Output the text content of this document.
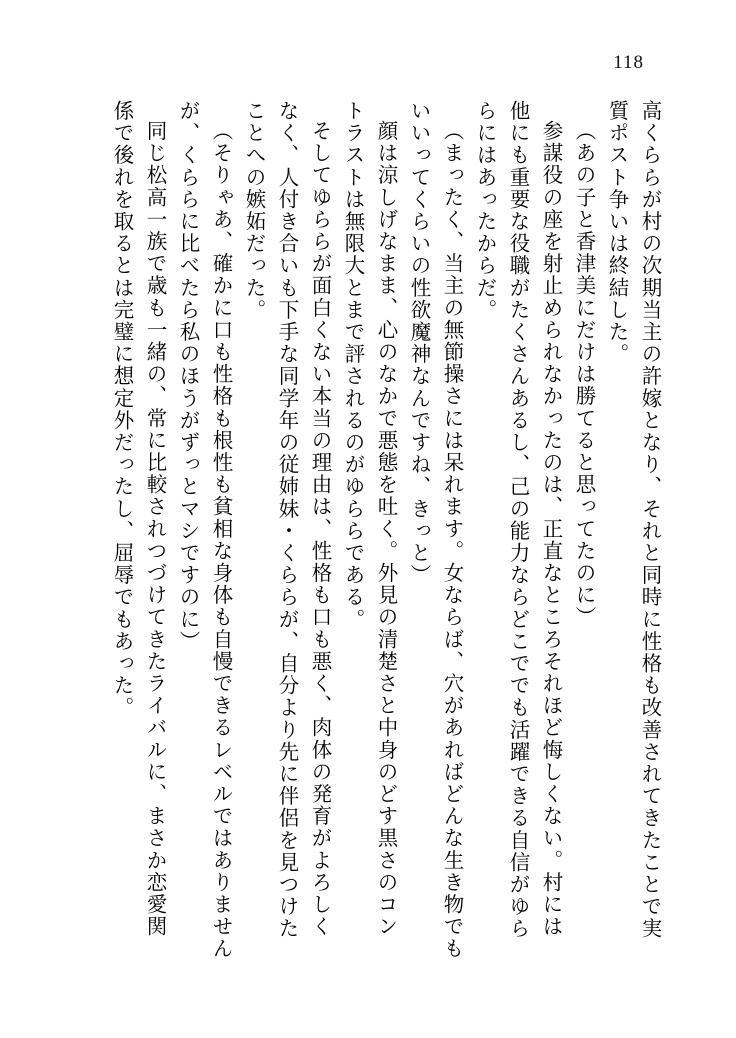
118
高くららが村の次期当主の許嫁となり、それと同時に性格も改善されてきたことで実
質ポスト争いは終結した。
（あの子と香津美にだけは勝てると思ってたのに）
参謀役の座を射止められなかったのは、正直なところそれほど悔しくない。村には
他にも重要な役職がたくさんあるし、己の能力ならどこででも活躍できる自信がゆら
らにはあったからだ。
（まったく、当主の無節操さには呆れます。女ならば、穴があればどんな生き物でも
いいってくらいの性欲魔神なんですね、きっと）
顔は涼しげなまま、心のなかで悪態を吐く。外見の清楚さと中身のどす黒さのコン
トラストは無限大とまで評されるのがゆららである。
そしてゆららが面白くない本当の理由は、性格も口も悪く、肉体の発育がよろしく
なく、人付き合いも下手な同学年の従姉妹・くららが、自分より先に伴侶を見つけた
ことへの嫉妬だった。
（そりゃあ、確かに口も性格も根性も貧相な身体も自慢できるレベルではありません
が、くららに比べたら私のほうがずっとマシですのに）
同じ松高一族で歳も一緒の、常に比較されつづけてきたライバルに、まさか恋愛関
係で後れを取るとは完璧に想定外だったし、屈辱でもあった。
